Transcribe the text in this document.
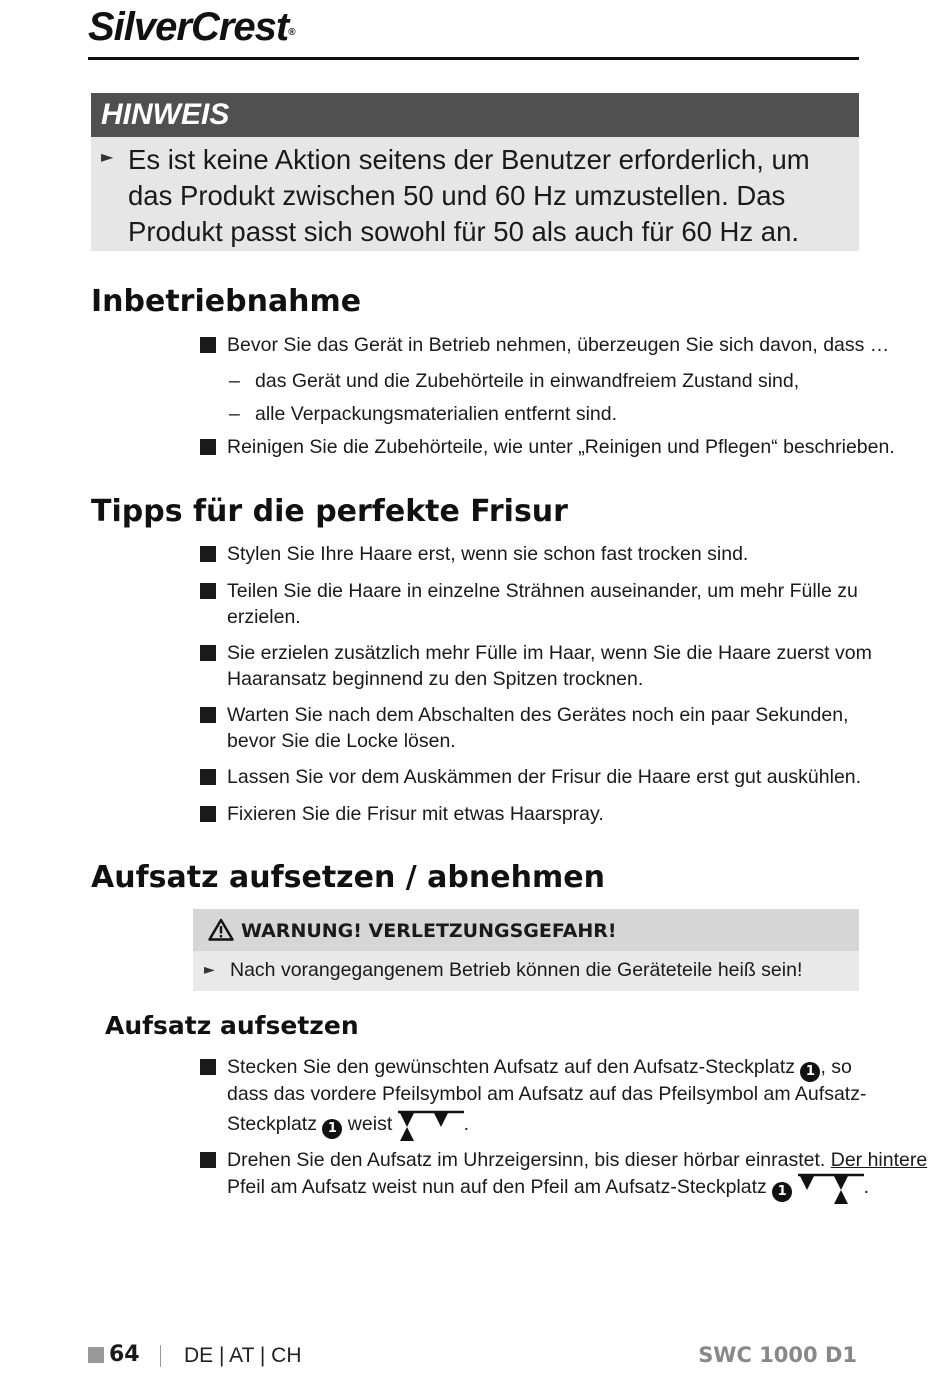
SilverCrest®
HINWEIS
► Es ist keine Aktion seitens der Benutzer erforderlich, um das Produkt zwischen 50 und 60 Hz umzustellen. Das Produkt passt sich sowohl für 50 als auch für 60 Hz an.
Inbetriebnahme
Bevor Sie das Gerät in Betrieb nehmen, überzeugen Sie sich davon, dass …
– das Gerät und die Zubehörteile in einwandfreiem Zustand sind,
– alle Verpackungsmaterialien entfernt sind.
Reinigen Sie die Zubehörteile, wie unter „Reinigen und Pflegen“ beschrieben.
Tipps für die perfekte Frisur
Stylen Sie Ihre Haare erst, wenn sie schon fast trocken sind.
Teilen Sie die Haare in einzelne Strähnen auseinander, um mehr Fülle zu
erzielen.
Sie erzielen zusätzlich mehr Fülle im Haar, wenn Sie die Haare zuerst vom
Haaransatz beginnend zu den Spitzen trocknen.
Warten Sie nach dem Abschalten des Gerätes noch ein paar Sekunden,
bevor Sie die Locke lösen.
Lassen Sie vor dem Auskämmen der Frisur die Haare erst gut auskühlen.
Fixieren Sie die Frisur mit etwas Haarspray.
Aufsatz aufsetzen / abnehmen
WARNUNG! VERLETZUNGSGEFAHR!
► Nach vorangegangenem Betrieb können die Geräteteile heiß sein!
Aufsatz aufsetzen
Stecken Sie den gewünschten Aufsatz auf den Aufsatz-Steckplatz 1 , so
dass das vordere Pfeilsymbol am Aufsatz auf das Pfeilsymbol am Aufsatz-
Steckplatz 1 weist	.
Drehen Sie den Aufsatz im Uhrzeigersinn, bis dieser hörbar einrastet. Der hintere
Pfeil am Aufsatz weist nun auf den Pfeil am Aufsatz-Steckplatz 1	.
64 DE | AT | CH	SWC 1000 D1
